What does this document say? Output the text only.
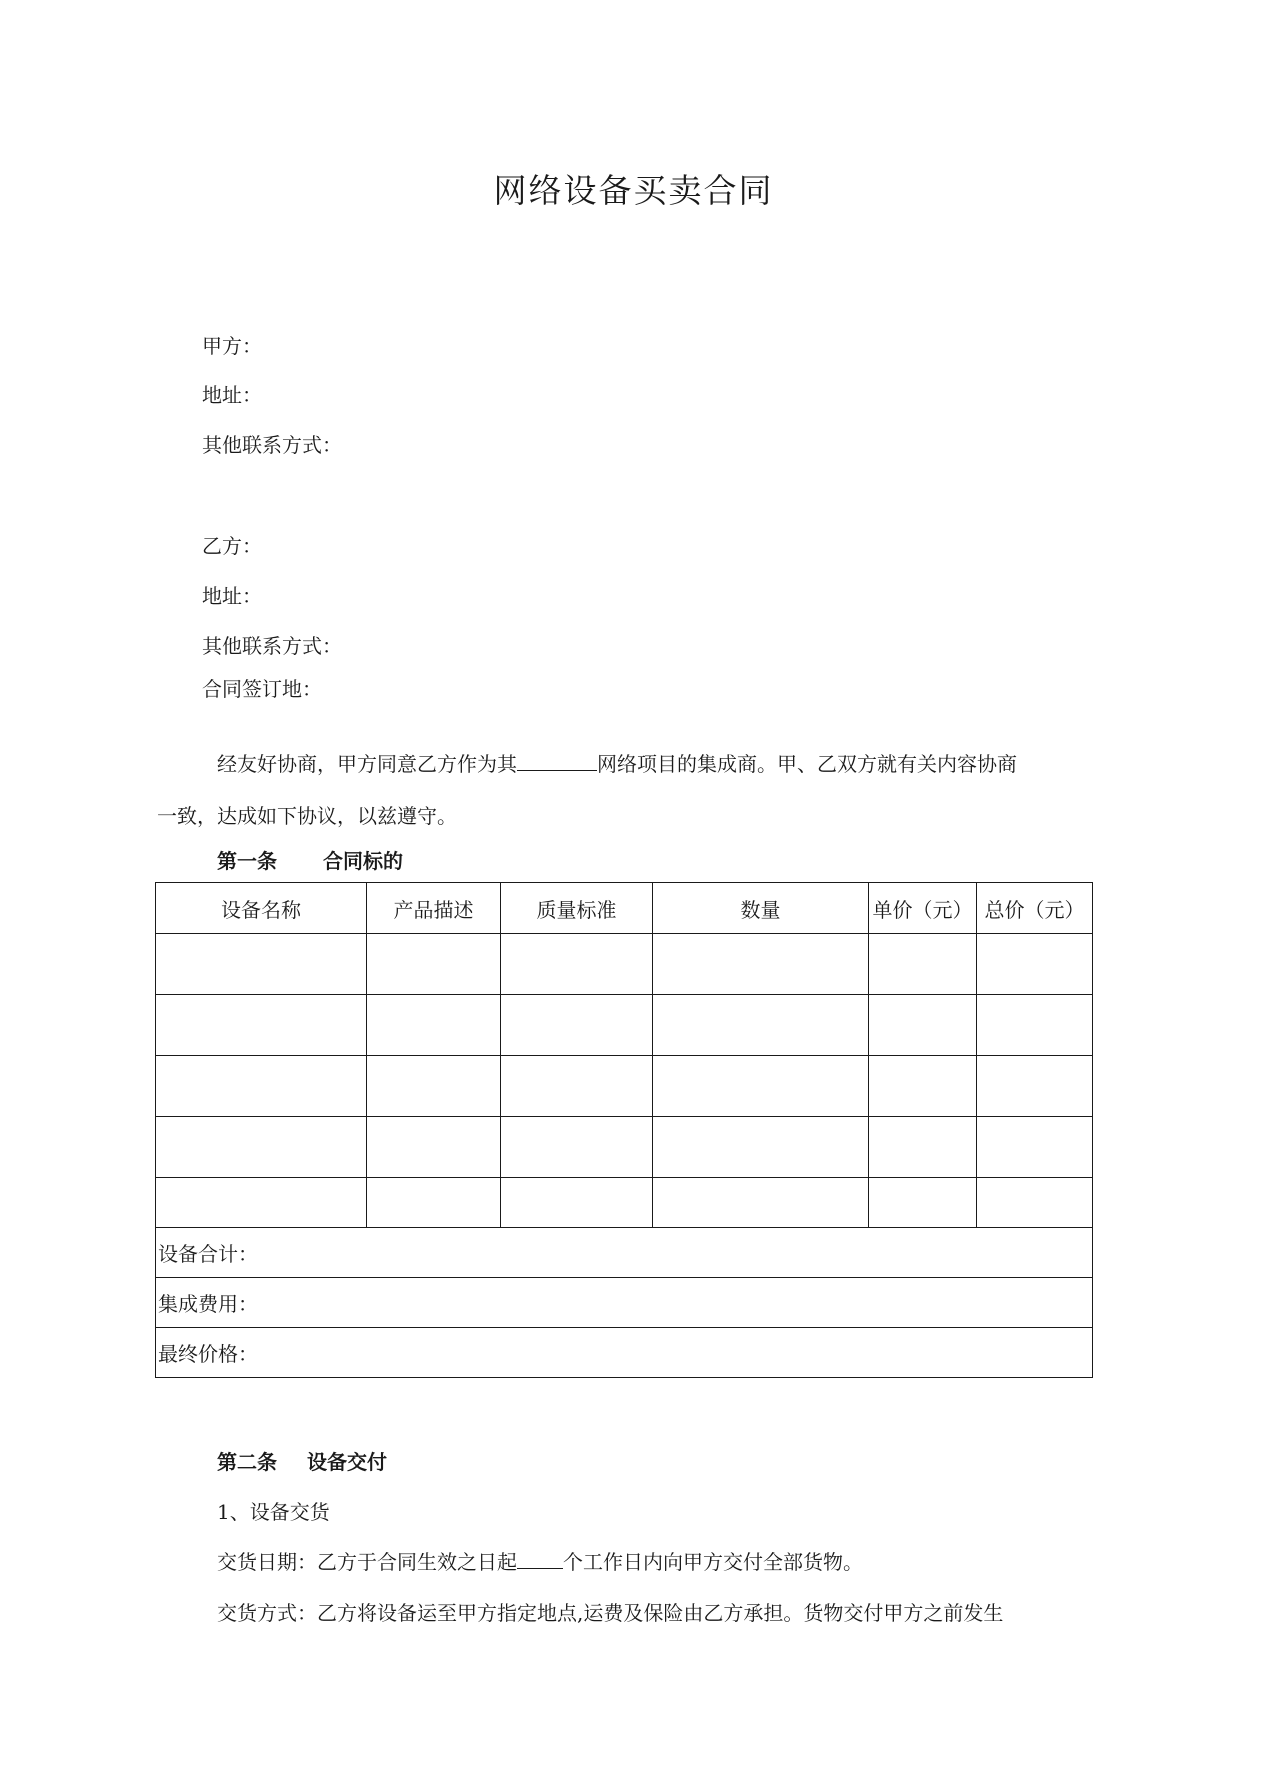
网络设备买卖合同
甲方：
地址：
其他联系方式：
乙方：
地址：
其他联系方式：
合同签订地：
经友好协商，甲方同意乙方作为其	网络项目的集成商。甲、乙双方就有关内容协商
一致，达成如下协议，以兹遵守。
第一条 合同标的
设备名称	产品描述	质量标准	数量	单价（元）	总价（元）

设备合计：					
集成费用：					
最终价格：					
第二条 设备交付
1、设备交货
交货日期：乙方于合同生效之日起 个工作日内向甲方交付全部货物。
交货方式：乙方将设备运至甲方指定地点,运费及保险由乙方承担。货物交付甲方之前发生
